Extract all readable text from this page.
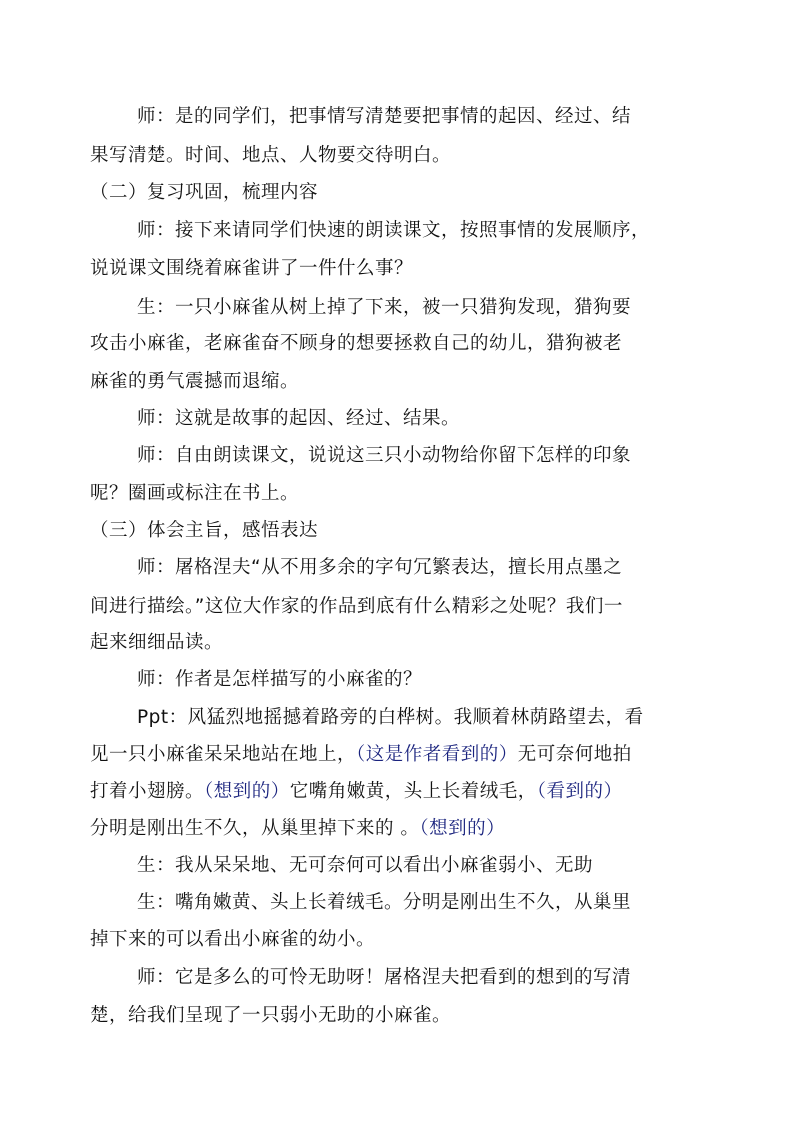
师：是的同学们，把事情写清楚要把事情的起因、经过、结
果写清楚。时间、地点、人物要交待明白。
（二）复习巩固，梳理内容
师：接下来请同学们快速的朗读课文，按照事情的发展顺序，
说说课文围绕着麻雀讲了一件什么事？
生：一只小麻雀从树上掉了下来，被一只猎狗发现，猎狗要
攻击小麻雀，老麻雀奋不顾身的想要拯救自己的幼儿，猎狗被老
麻雀的勇气震撼而退缩。
师：这就是故事的起因、经过、结果。
师：自由朗读课文，说说这三只小动物给你留下怎样的印象
呢？圈画或标注在书上。
（三）体会主旨，感悟表达
师：屠格涅夫“从不用多余的字句冗繁表达，擅长用点墨之
间进行描绘。”这位大作家的作品到底有什么精彩之处呢？我们一
起来细细品读。
师：作者是怎样描写的小麻雀的？
Ppt：风猛烈地摇撼着路旁的白桦树。我顺着林荫路望去，看
见一只小麻雀呆呆地站在地上，（这是作者看到的）无可奈何地拍
打着小翅膀。（想到的）它嘴角嫩黄，头上长着绒毛，（看到的）
分明是刚出生不久，从巢里掉下来的 。（想到的）
生：我从呆呆地、无可奈何可以看出小麻雀弱小、无助
生：嘴角嫩黄、头上长着绒毛。分明是刚出生不久，从巢里
掉下来的可以看出小麻雀的幼小。
师：它是多么的可怜无助呀！屠格涅夫把看到的想到的写清
楚，给我们呈现了一只弱小无助的小麻雀。
